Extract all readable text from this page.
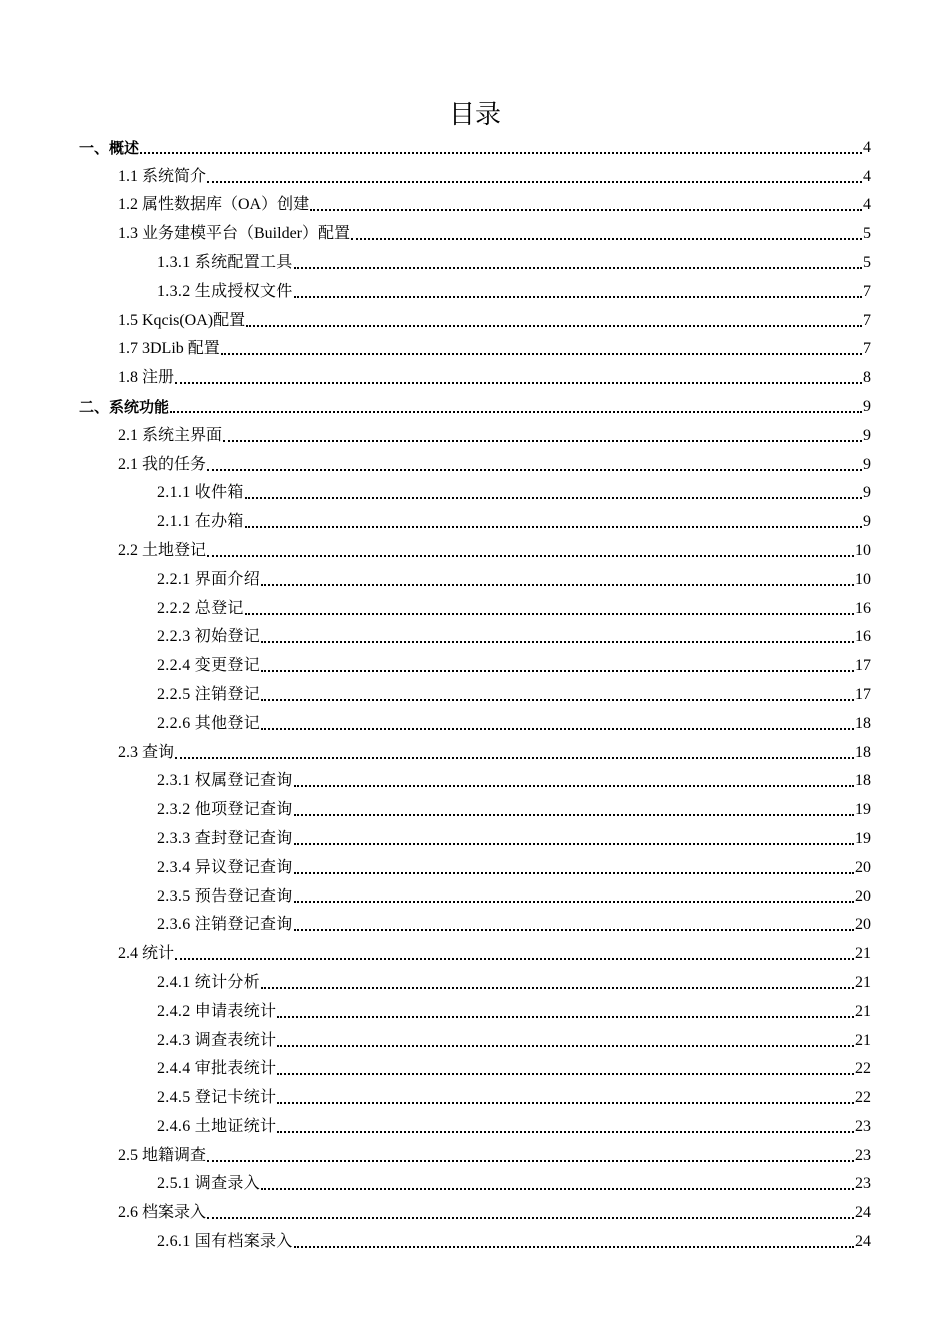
目录
一、概述	4
1.1 系统简介	4
1.2 属性数据库（OA）创建	4
1.3 业务建模平台（Builder）配置	5
1.3.1 系统配置工具	5
1.3.2 生成授权文件	7
1.5 Kqcis(OA)配置	7
1.7 3DLib 配置	7
1.8 注册	8
二、系统功能	9
2.1 系统主界面	9
2.1 我的任务	9
2.1.1 收件箱	9
2.1.1 在办箱	9
2.2 土地登记	10
2.2.1 界面介绍	10
2.2.2 总登记	16
2.2.3 初始登记	16
2.2.4 变更登记	17
2.2.5 注销登记	17
2.2.6 其他登记	18
2.3 查询	18
2.3.1 权属登记查询	18
2.3.2 他项登记查询	19
2.3.3 查封登记查询	19
2.3.4 异议登记查询	20
2.3.5 预告登记查询	20
2.3.6 注销登记查询	20
2.4 统计	21
2.4.1 统计分析	21
2.4.2 申请表统计	21
2.4.3 调查表统计	21
2.4.4 审批表统计	22
2.4.5 登记卡统计	22
2.4.6 土地证统计	23
2.5 地籍调查	23
2.5.1 调查录入	23
2.6 档案录入	24
2.6.1 国有档案录入	24
